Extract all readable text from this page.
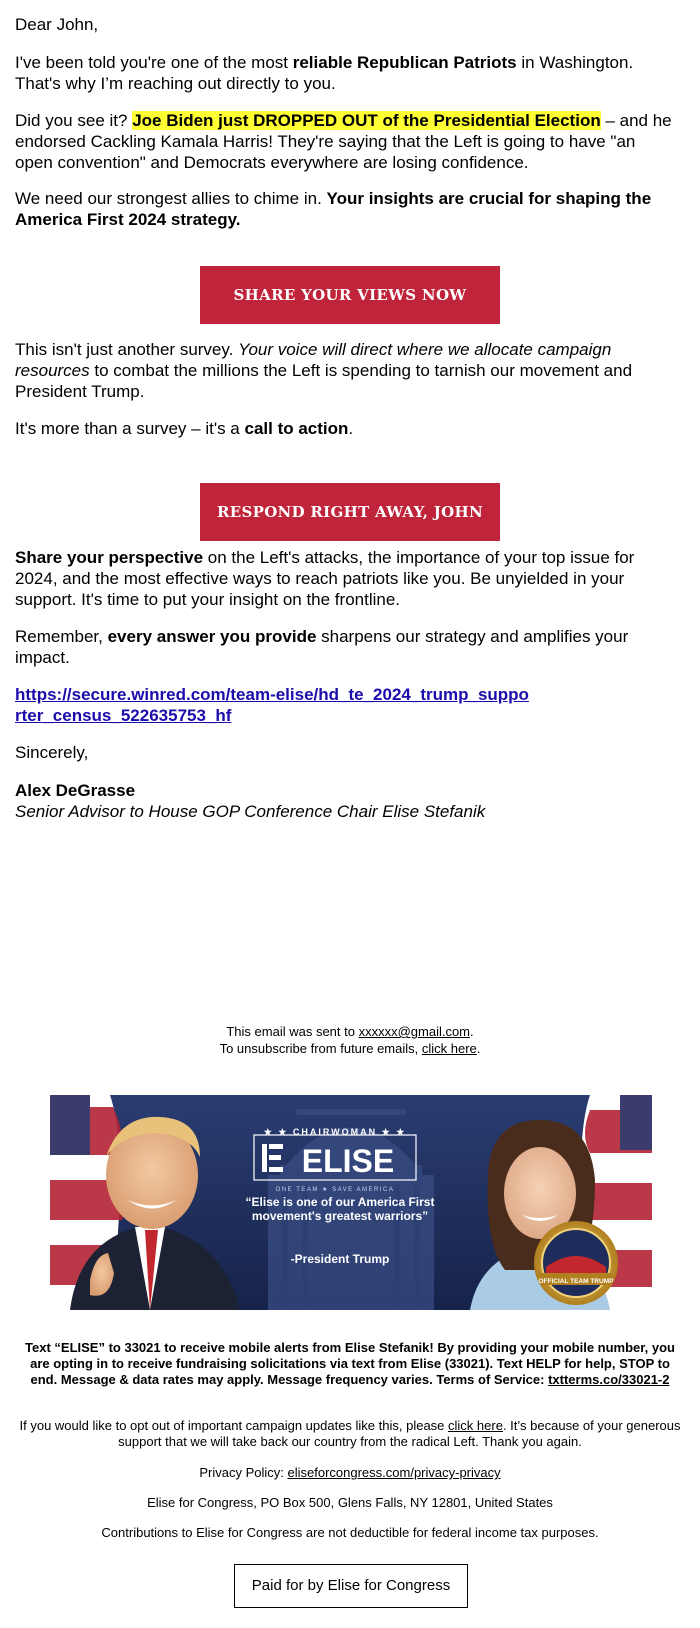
Dear John,

I've been told you're one of the most reliable Republican Patriots in Washington. That's why I’m reaching out directly to you.

Did you see it? Joe Biden just DROPPED OUT of the Presidential Election – and he endorsed Cackling Kamala Harris! They're saying that the Left is going to have "an open convention" and Democrats everywhere are losing confidence.

We need our strongest allies to chime in. Your insights are crucial for shaping the America First 2024 strategy.

This isn't just another survey. Your voice will direct where we allocate campaign resources to combat the millions the Left is spending to tarnish our movement and President Trump.

It's more than a survey – it's a call to action.

Share your perspective on the Left's attacks, the importance of your top issue for 2024, and the most effective ways to reach patriots like you. Be unyielded in your support. It's time to put your insight on the frontline.

Remember, every answer you provide sharpens our strategy and amplifies your impact.

https://secure.winred.com/team-elise/hd_te_2024_trump_supporter_census_522635753_hf

Sincerely,

Alex DeGrasse

Senior Advisor to House GOP Conference Chair Elise Stefanik

SHARE YOUR VIEWS NOW
RESPOND RIGHT AWAY, JOHN
This email was sent to xxxxxx@gmail.com.
To unsubscribe from future emails, click here.
OFFICIAL TEAM TRUMP
★ ★ CHAIRWOMAN ★ ★
ELISE
ONE TEAM ★ SAVE AMERICA
“Elise is one of our America First movement's greatest warriors”
-President Trump
Text “ELISE” to 33021 to receive mobile alerts from Elise Stefanik! By providing your mobile number, you are opting in to receive fundraising solicitations via text from Elise (33021). Text HELP for help, STOP to end. Message & data rates may apply. Message frequency varies. Terms of Service: txtterms.co/33021-2
If you would like to opt out of important campaign updates like this, please click here. It’s because of your generous support that we will take back our country from the radical Left. Thank you again.
Privacy Policy: eliseforcongress.com/privacy-privacy
Elise for Congress, PO Box 500, Glens Falls, NY 12801, United States
Contributions to Elise for Congress are not deductible for federal income tax purposes.
Paid for by Elise for Congress
